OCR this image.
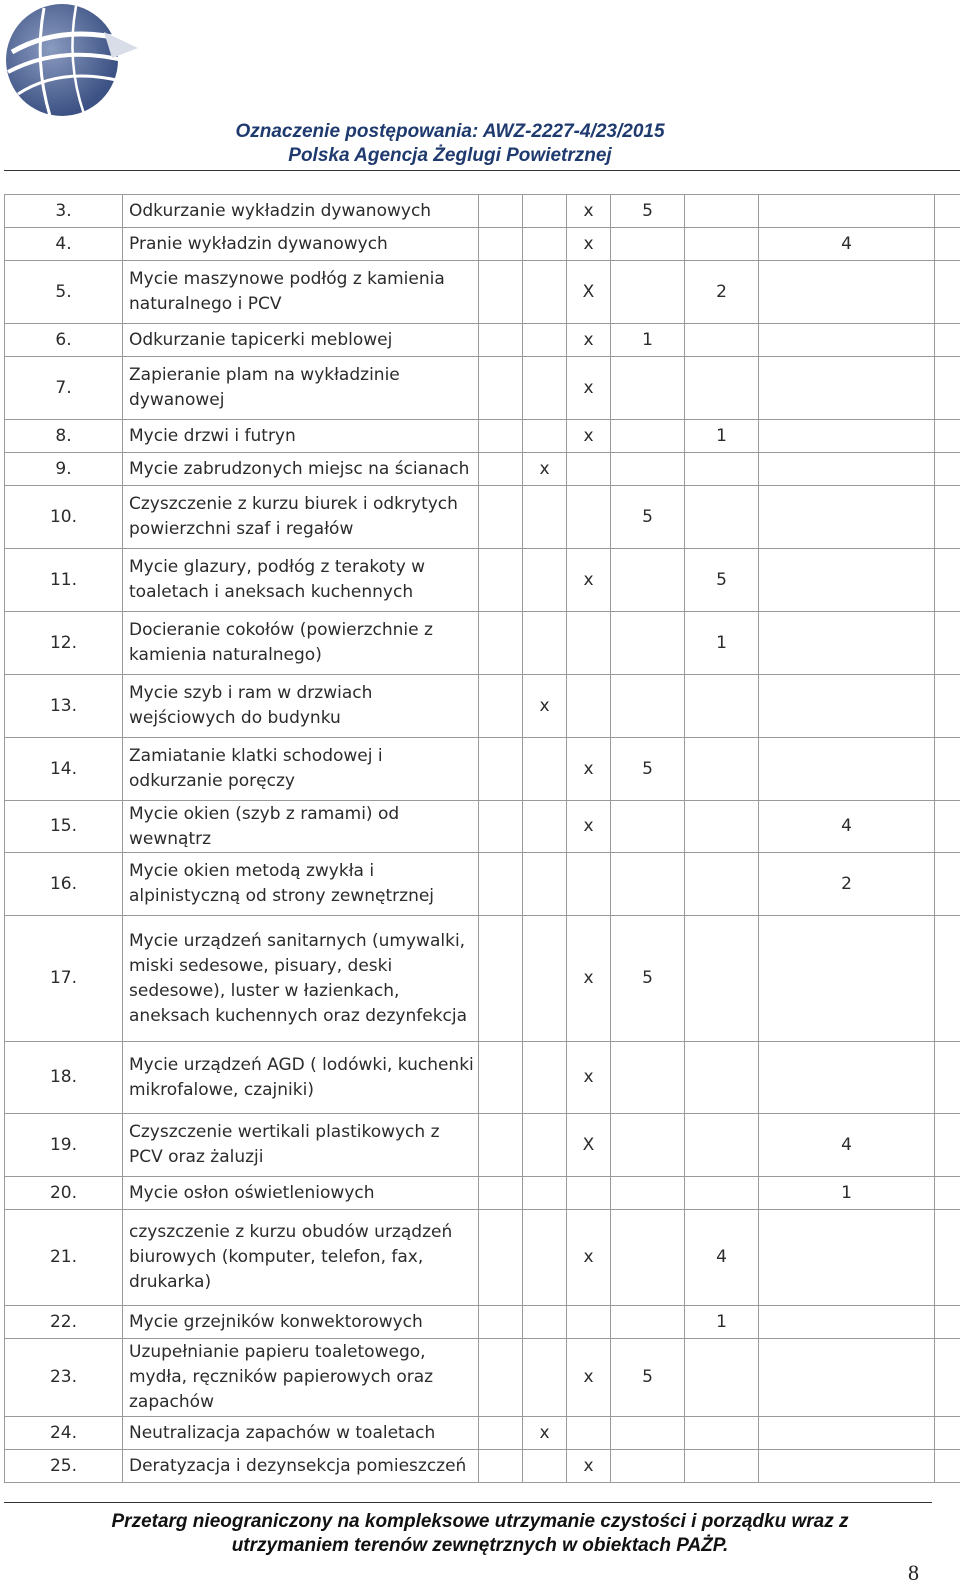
Oznaczenie postępowania: AWZ-2227-4/23/2015
Polska Agencja Żeglugi Powietrznej
3.	Odkurzanie wykładzin dywanowych			x	5			
4.	Pranie wykładzin dywanowych			x			4	
5.	Mycie maszynowe podłóg z kamienia naturalnego i PCV			X		2		
6.	Odkurzanie tapicerki meblowej			x	1			
7.	Zapieranie plam na wykładzinie dywanowej			x				
8.	Mycie drzwi i futryn			x		1		
9.	Mycie zabrudzonych miejsc na ścianach		x					
10.	Czyszczenie z kurzu biurek i odkrytych powierzchni szaf i regałów				5			
11.	Mycie glazury, podłóg z terakoty w toaletach i aneksach kuchennych			x		5		
12.	Docieranie cokołów (powierzchnie z kamienia naturalnego)					1		
13.	Mycie szyb i ram w drzwiach wejściowych do budynku		x					
14.	Zamiatanie klatki schodowej i odkurzanie poręczy			x	5			
15.	Mycie okien (szyb z ramami) od wewnątrz			x			4	
16.	Mycie okien metodą zwykła i alpinistyczną od strony zewnętrznej						2	
17.	Mycie urządzeń sanitarnych (umywalki, miski sedesowe, pisuary, deski sedesowe), luster w łazienkach, aneksach kuchennych oraz dezynfekcja			x	5			
18.	Mycie urządzeń AGD ( lodówki, kuchenki mikrofalowe, czajniki)			x				
19.	Czyszczenie wertikali plastikowych z PCV oraz żaluzji			X			4	
20.	Mycie osłon oświetleniowych						1	
21.	czyszczenie z kurzu obudów urządzeń biurowych (komputer, telefon, fax, drukarka)			x		4		
22.	Mycie grzejników konwektorowych					1		
23.	Uzupełnianie papieru toaletowego, mydła, ręczników papierowych oraz zapachów			x	5			
24.	Neutralizacja zapachów w toaletach		x					
25.	Deratyzacja i dezynsekcja pomieszczeń			x				
Przetarg nieograniczony na kompleksowe utrzymanie czystości i porządku wraz z
utrzymaniem terenów zewnętrznych w obiektach PAŻP.
8
